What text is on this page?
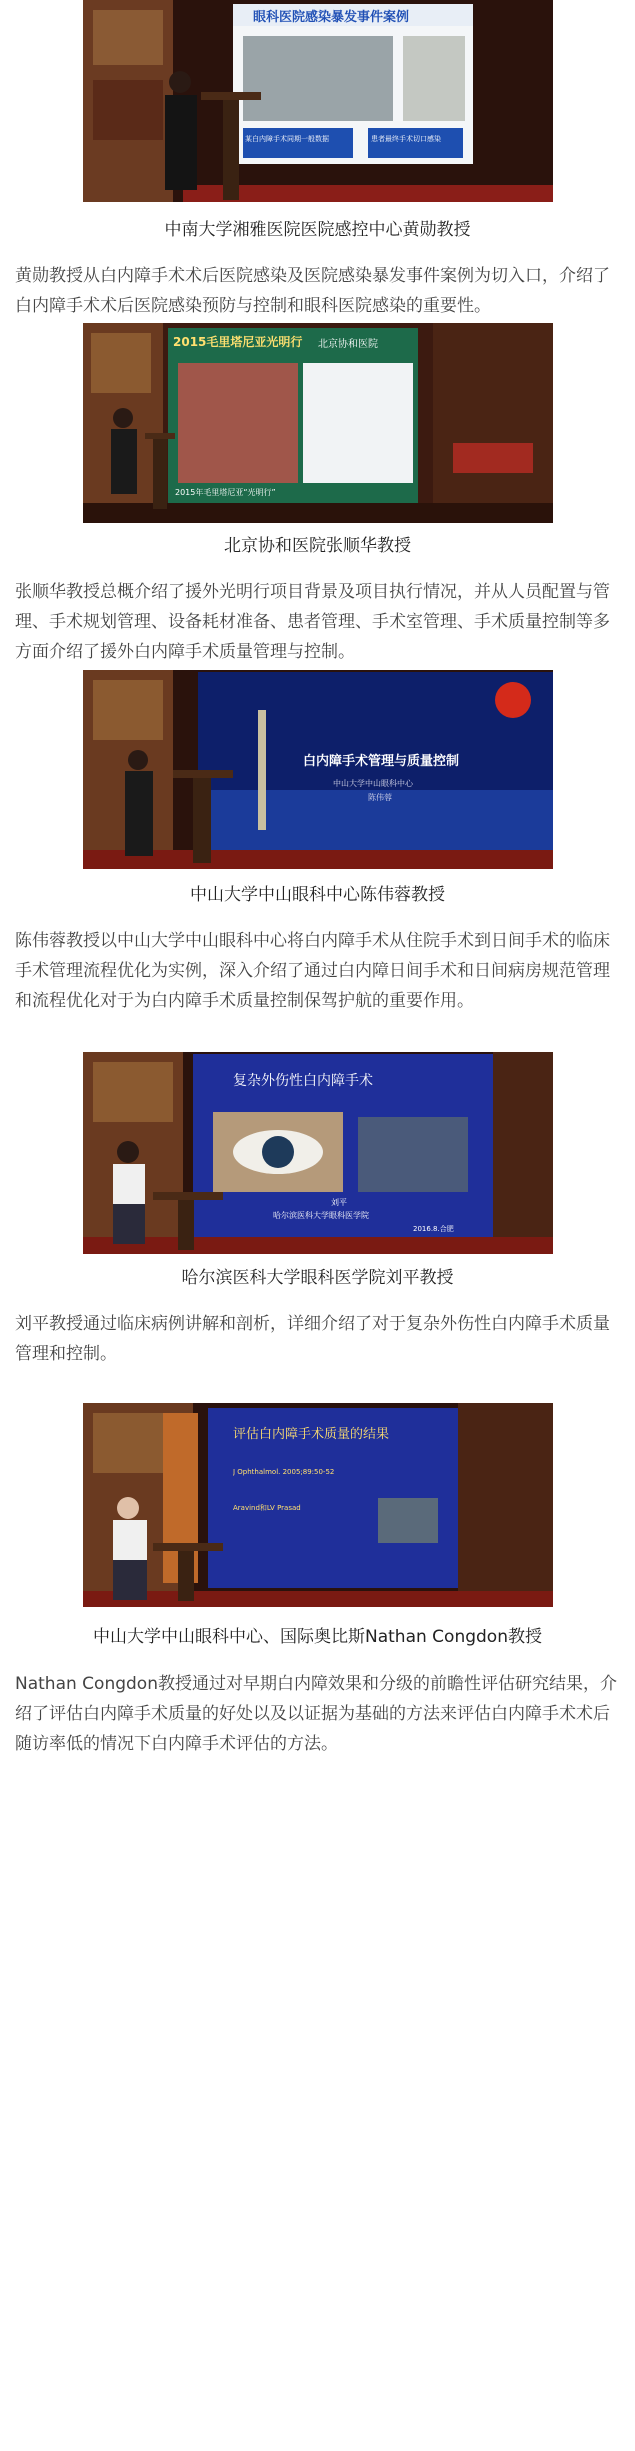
眼科医院感染暴发事件案例
某白内障手术同期一般数据	患者最终手术切口感染
中南大学湘雅医院医院感控中心黄勋教授
黄勋教授从白内障手术术后医院感染及医院感染暴发事件案例为切入口，介绍了白内障手术术后医院感染预防与控制和眼科医院感染的重要性。
2015毛里塔尼亚光明行	北京协和医院
2015年毛里塔尼亚“光明行”
北京协和医院张顺华教授
张顺华教授总概介绍了援外光明行项目背景及项目执行情况，并从人员配置与管理、手术规划管理、设备耗材准备、患者管理、手术室管理、手术质量控制等多方面介绍了援外白内障手术质量管理与控制。
白内障手术管理与质量控制
中山大学中山眼科中心
陈伟蓉
中山大学中山眼科中心陈伟蓉教授
陈伟蓉教授以中山大学中山眼科中心将白内障手术从住院手术到日间手术的临床手术管理流程优化为实例，深入介绍了通过白内障日间手术和日间病房规范管理和流程优化对于为白内障手术质量控制保驾护航的重要作用。
复杂外伤性白内障手术
刘平
哈尔滨医科大学眼科医学院
2016.8.合肥
哈尔滨医科大学眼科医学院刘平教授
刘平教授通过临床病例讲解和剖析，详细介绍了对于复杂外伤性白内障手术质量管理和控制。
评估白内障手术质量的结果
J Ophthalmol. 2005;89:50-52
Aravind和LV Prasad
中山大学中山眼科中心、国际奥比斯Nathan Congdon教授
Nathan Congdon教授通过对早期白内障效果和分级的前瞻性评估研究结果，介绍了评估白内障手术质量的好处以及以证据为基础的方法来评估白内障手术术后随访率低的情况下白内障手术评估的方法。
